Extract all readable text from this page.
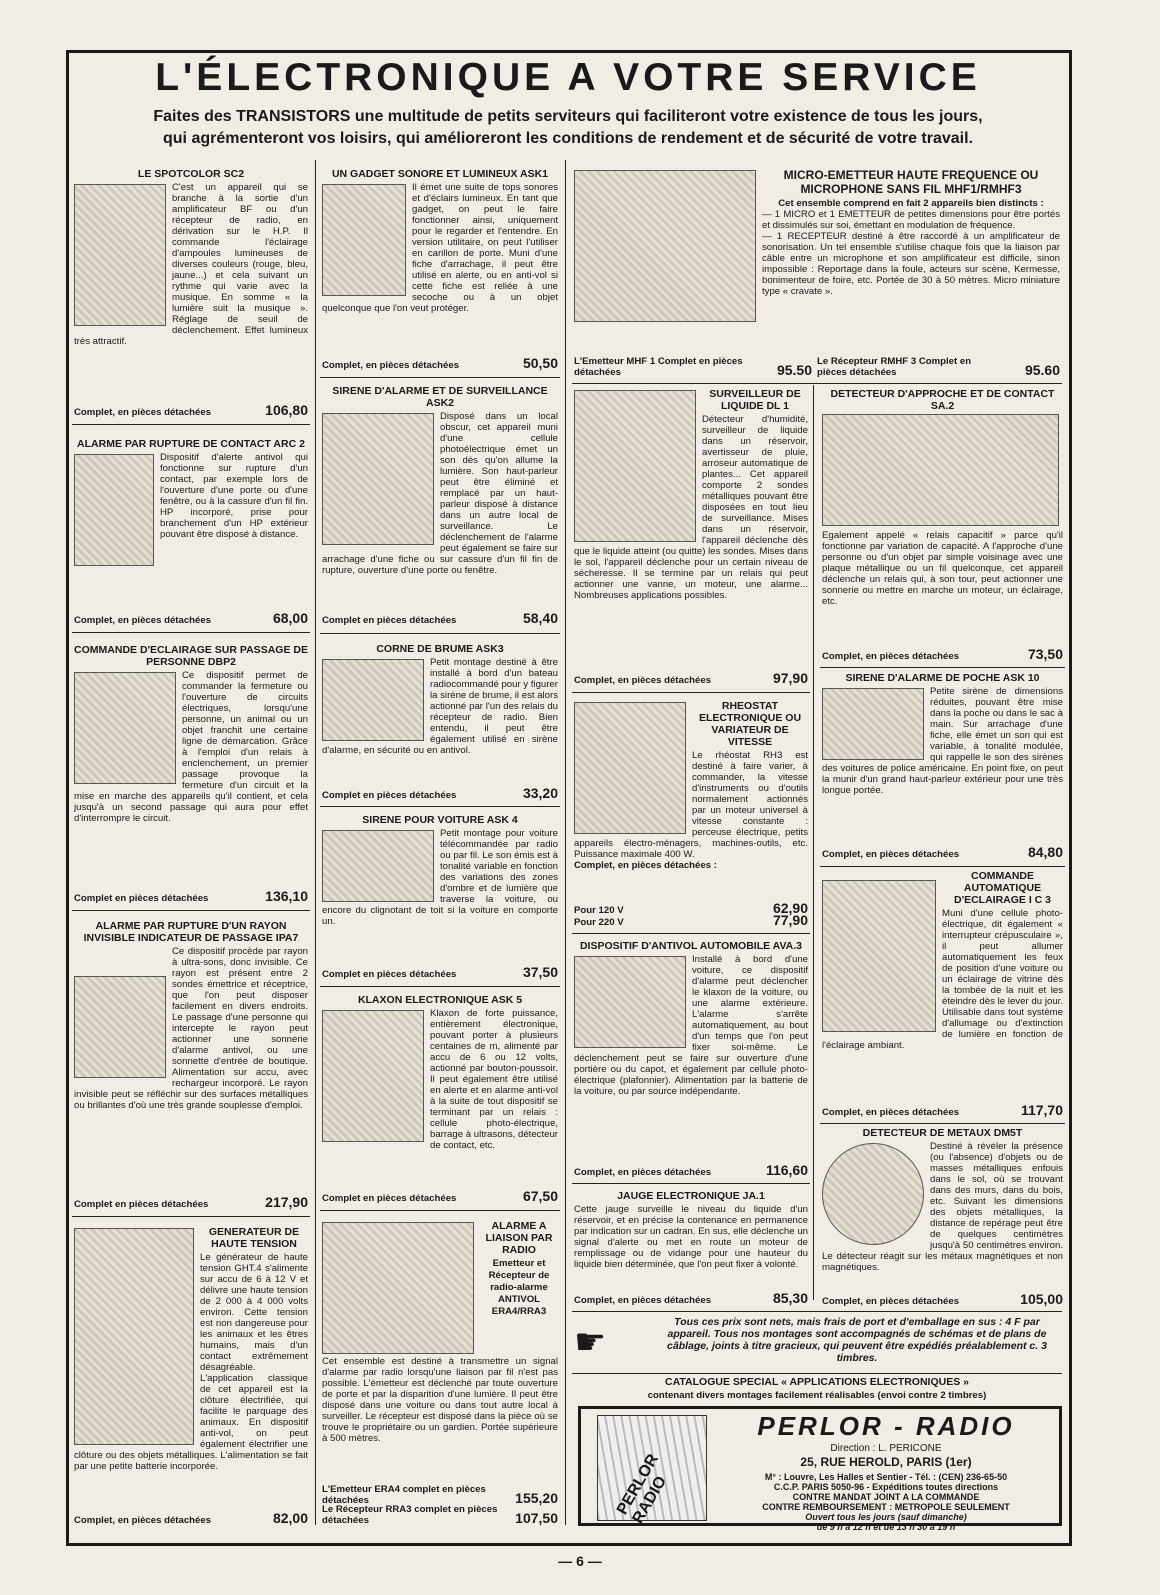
L'ÉLECTRONIQUE A VOTRE SERVICE
Faites des TRANSISTORS une multitude de petits serviteurs qui faciliteront votre existence de tous les jours,
qui agrémenteront vos loisirs, qui amélioreront les conditions de rendement et de sécurité de votre travail.
LE SPOTCOLOR SC2

C'est un appareil qui se branche à la sortie d'un amplificateur BF ou d'un récepteur de radio, en dérivation sur le H.P. Il commande l'éclairage d'ampoules lumineuses de diverses couleurs (rouge, bleu, jaune...) et cela suivant un rythme qui varie avec la musique. En somme « la lumière suit la musique ». Réglage de seuil de déclenchement. Effet lumineux très attractif.

Complet, en pièces détachées	106,80
ALARME PAR RUPTURE DE CONTACT ARC 2

Dispositif d'alerte antivol qui fonctionne sur rupture d'un contact, par exemple lors de l'ouverture d'une porte ou d'une fenêtre, ou à la cassure d'un fil fin. HP incorporé, prise pour branchement d'un HP extérieur pouvant être disposé à distance.

Complet, en pièces détachées	68,00
COMMANDE D'ECLAIRAGE SUR PASSAGE DE PERSONNE DBP2

Ce dispositif permet de commander la fermeture ou l'ouverture de circuits électriques, lorsqu'une personne, un animal ou un objet franchit une certaine ligne de démarcation. Grâce à l'emploi d'un relais à enclenchement, un premier passage provoque la fermeture d'un circuit et la mise en marche des appareils qu'il contient, et cela jusqu'à un second passage qui aura pour effet d'interrompre le circuit.

Complet en pièces détachées	136,10
ALARME PAR RUPTURE D'UN RAYON INVISIBLE INDICATEUR DE PASSAGE IPA7

Ce dispositif procède par rayon à ultra-sons, donc invisible. Ce rayon est présent entre 2 sondes émettrice et réceptrice, que l'on peut disposer facilement en divers endroits. Le passage d'une personne qui intercepte le rayon peut actionner une sonnerie d'alarme antivol, ou une sonnette d'entrée de boutique. Alimentation sur accu, avec rechargeur incorporé. Le rayon invisible peut se réfléchir sur des surfaces métalliques ou brillantes d'où une très grande souplesse d'emploi.

Complet en pièces détachées	217,90
GENERATEUR DE HAUTE TENSION

Le générateur de haute tension GHT.4 s'alimente sur accu de 6 à 12 V et délivre une haute tension de 2 000 à 4 000 volts environ. Cette tension est non dangereuse pour les animaux et les êtres humains, mais d'un contact extrêmement désagréable. L'application classique de cet appareil est la clôture électrifiée, qui facilite le parquage des animaux. En dispositif anti-vol, on peut également électrifier une clôture ou des objets métalliques. L'alimentation se fait par une petite batterie incorporée.

Complet, en pièces détachées	82,00
UN GADGET SONORE ET LUMINEUX ASK1

Il émet une suite de tops sonores et d'éclairs lumineux. En tant que gadget, on peut le faire fonctionner ainsi, uniquement pour le regarder et l'entendre. En version utilitaire, on peut l'utiliser en carillon de porte. Muni d'une fiche d'arrachage, il peut être utilisé en alerte, ou en anti-vol si cette fiche est reliée à une secoche ou à un objet quelconque que l'on veut protéger.

Complet, en pièces détachées	50,50
SIRENE D'ALARME ET DE SURVEILLANCE ASK2

Disposé dans un local obscur, cet appareil muni d'une cellule photoélectrique émet un son dès qu'on allume la lumière. Son haut-parleur peut être éliminé et remplacé par un haut-parleur disposé à distance dans un autre local de surveillance. Le déclenchement de l'alarme peut également se faire sur arrachage d'une fiche ou sur cassure d'un fil fin de rupture, ouverture d'une porte ou fenêtre.

Complet en pièces détachées	58,40
CORNE DE BRUME ASK3

Petit montage destiné à être installé à bord d'un bateau radiocommandé pour y figurer la sirène de brume, il est alors actionné par l'un des relais du récepteur de radio. Bien entendu, il peut être également utilisé en sirène d'alarme, en sécurité ou en antivol.

Complet en pièces détachées	33,20
SIRENE POUR VOITURE ASK 4

Petit montage pour voiture télécommandée par radio ou par fil. Le son émis est à tonalité variable en fonction des variations des zones d'ombre et de lumière que traverse la voiture, ou encore du clignotant de toit si la voiture en comporte un.

Complet en pièces détachées	37,50
KLAXON ELECTRONIQUE ASK 5

Klaxon de forte puissance, entièrement électronique, pouvant porter à plusieurs centaines de m, alimenté par accu de 6 ou 12 volts, actionné par bouton-poussoir. Il peut également être utilisé en alerte et en alarme anti-vol à la suite de tout dispositif se terminant par un relais : cellule photo-électrique, barrage à ultrasons, détecteur de contact, etc.

Complet en pièces détachées	67,50
ALARME A LIAISON PAR RADIO
Emetteur et Récepteur de radio-alarme ANTIVOL ERA4/RRA3

Cet ensemble est destiné à transmettre un signal d'alarme par radio lorsqu'une liaison par fil n'est pas possible. L'émetteur est déclenché par toute ouverture de porte et par la disparition d'une lumière. Il peut être disposé dans une voiture ou dans tout autre local à surveiller. Le récepteur est disposé dans la pièce où se trouve le propriétaire ou un gardien. Portée supérieure à 500 mètres.

L'Emetteur ERA4 complet en pièces détachées	155,20
Le Récepteur RRA3 complet en pièces détachées	107,50
MICRO-EMETTEUR HAUTE FREQUENCE OU MICROPHONE SANS FIL MHF1/RMHF3

Cet ensemble comprend en fait 2 appareils bien distincts :

— 1 MICRO et 1 EMETTEUR de petites dimensions pour être portés et dissimulés sur soi, émettant en modulation de fréquence.

— 1 RECEPTEUR destiné à être raccordé à un amplificateur de sonorisation. Un tel ensemble s'utilise chaque fois que la liaison par câble entre un microphone et son amplificateur est difficile, sinon impossible : Reportage dans la foule, acteurs sur scène, Kermesse, bonimenteur de foire, etc. Portée de 30 à 50 mètres. Micro miniature type « cravate ».

L'Emetteur MHF 1 Complet en pièces détachées	95.50
Le Récepteur RMHF 3 Complet en pièces détachées	95.60
SURVEILLEUR DE LIQUIDE DL 1

Détecteur d'humidité, surveilleur de liquide dans un réservoir, avertisseur de pluie, arroseur automatique de plantes... Cet appareil comporte 2 sondes métalliques pouvant être disposées en tout lieu de surveillance. Mises dans un réservoir, l'appareil déclenche dès que le liquide atteint (ou quitte) les sondes. Mises dans le sol, l'appareil déclenche pour un certain niveau de sécheresse. Il se termine par un relais qui peut actionner une vanne, un moteur, une alarme... Nombreuses applications possibles.

Complet, en pièces détachées	97,90
RHEOSTAT ELECTRONIQUE OU VARIATEUR DE VITESSE

Le rhéostat RH3 est destiné à faire varier, à commander, la vitesse d'instruments ou d'outils normalement actionnés par un moteur universel à vitesse constante : perceuse électrique, petits appareils électro-ménagers, machines-outils, etc. Puissance maximale 400 W.

Complet, en pièces détachées :

Pour 120 V	62,90
Pour 220 V	77,90
DISPOSITIF D'ANTIVOL AUTOMOBILE AVA.3

Installé à bord d'une voiture, ce dispositif d'alarme peut déclencher le klaxon de la voiture, ou une alarme extérieure. L'alarme s'arrête automatiquement, au bout d'un temps que l'on peut fixer soi-même. Le déclenchement peut se faire sur ouverture d'une portière ou du capot, et également par cellule photo-électrique (plafonnier). Alimentation par la batterie de la voiture, ou par source indépendante.

Complet, en pièces détachées	116,60
JAUGE ELECTRONIQUE JA.1

Cette jauge surveille le niveau du liquide d'un réservoir, et en précise la contenance en permanence par indication sur un cadran. En sus, elle déclenche un signal d'alerte ou met en route un moteur de remplissage ou de vidange pour une hauteur du liquide bien déterminée, que l'on peut fixer à volonté.

Complet, en pièces détachées	85,30
DETECTEUR D'APPROCHE ET DE CONTACT SA.2

Egalement appelé « relais capacitif » parce qu'il fonctionne par variation de capacité. A l'approche d'une personne ou d'un objet par simple voisinage avec une plaque métallique ou un fil quelconque, cet appareil déclenche un relais qui, à son tour, peut actionner une sonnerie ou mettre en marche un moteur, un éclairage, etc.

Complet, en pièces détachées	73,50
SIRENE D'ALARME DE POCHE ASK 10

Petite sirène de dimensions réduites, pouvant être mise dans la poche ou dans le sac à main. Sur arrachage d'une fiche, elle émet un son qui est variable, à tonalité modulée, qui rappelle le son des sirènes des voitures de police américaine. En point fixe, on peut la munir d'un grand haut-parleur extérieur pour une très longue portée.

Complet, en pièces détachées	84,80
COMMANDE AUTOMATIQUE D'ECLAIRAGE I C 3

Muni d'une cellule photo-électrique, dit également « interrupteur crépusculaire », il peut allumer automatiquement les feux de position d'une voiture ou un éclairage de vitrine dès la tombée de la nuit et les éteindre dès le lever du jour. Utilisable dans tout système d'allumage ou d'extinction de lumière en fonction de l'éclairage ambiant.

Complet, en pièces détachées	117,70
DETECTEUR DE METAUX DM5T

Destiné à révéler la présence (ou l'absence) d'objets ou de masses métalliques enfouis dans le sol, où se trouvant dans des murs, dans du bois, etc. Suivant les dimensions des objets métalliques, la distance de repérage peut être de quelques centimètres jusqu'à 50 centimètres environ. Le détecteur réagit sur les métaux magnétiques et non magnétiques.

Complet, en pièces détachées	105,00
☛	Tous ces prix sont nets, mais frais de port et d'emballage en sus : 4 F par appareil. Tous nos montages sont accompagnés de schémas et de plans de câblage, joints à titre gracieux, qui peuvent être expédiés préalablement c. 3 timbres.

CATALOGUE SPECIAL « APPLICATIONS ELECTRONIQUES »

contenant divers montages facilement réalisables (envoi contre 2 timbres)

PERLOR RADIO
PERLOR - RADIO
Direction : L. PERICONE
25, RUE HEROLD, PARIS (1er)
M° : Louvre, Les Halles et Sentier - Tél. : (CEN) 236-65-50
C.C.P. PARIS 5050-96 - Expéditions toutes directions
CONTRE MANDAT JOINT A LA COMMANDE
CONTRE REMBOURSEMENT : METROPOLE SEULEMENT
Ouvert tous les jours (sauf dimanche)
de 9 h à 12 h et de 13 h 30 à 19 h
— 6 —
